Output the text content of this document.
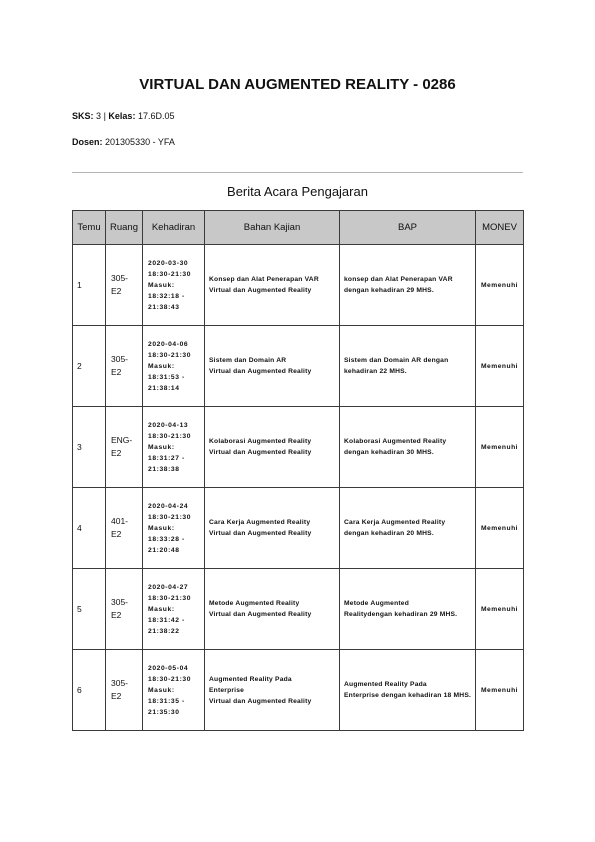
VIRTUAL DAN AUGMENTED REALITY - 0286
SKS: 3 | Kelas: 17.6D.05
Dosen: 201305330 - YFA
Berita Acara Pengajaran
Temu	Ruang	Kehadiran	Bahan Kajian	BAP	MONEV
1	305-E2	2020-03-30
18:30-21:30
Masuk:
18:32:18 -
21:38:43	Konsep dan Alat Penerapan VAR
Virtual dan Augmented Reality	konsep dan Alat Penerapan VAR
dengan kehadiran 29 MHS.	Memenuhi
2	305-E2	2020-04-06
18:30-21:30
Masuk:
18:31:53 -
21:38:14	Sistem dan Domain AR
Virtual dan Augmented Reality	Sistem dan Domain AR dengan
kehadiran 22 MHS.	Memenuhi
3	ENG-E2	2020-04-13
18:30-21:30
Masuk:
18:31:27 -
21:38:38	Kolaborasi Augmented Reality
Virtual dan Augmented Reality	Kolaborasi Augmented Reality
dengan kehadiran 30 MHS.	Memenuhi
4	401-E2	2020-04-24
18:30-21:30
Masuk:
18:33:28 -
21:20:48	Cara Kerja Augmented Reality
Virtual dan Augmented Reality	Cara Kerja Augmented Reality
dengan kehadiran 20 MHS.	Memenuhi
5	305-E2	2020-04-27
18:30-21:30
Masuk:
18:31:42 -
21:38:22	Metode Augmented Reality
Virtual dan Augmented Reality	Metode Augmented
Realitydengan kehadiran 29 MHS.	Memenuhi
6	305-E2	2020-05-04
18:30-21:30
Masuk:
18:31:35 -
21:35:30	Augmented Reality Pada
Enterprise
Virtual dan Augmented Reality	Augmented Reality Pada
Enterprise dengan kehadiran 18 MHS.	Memenuhi
